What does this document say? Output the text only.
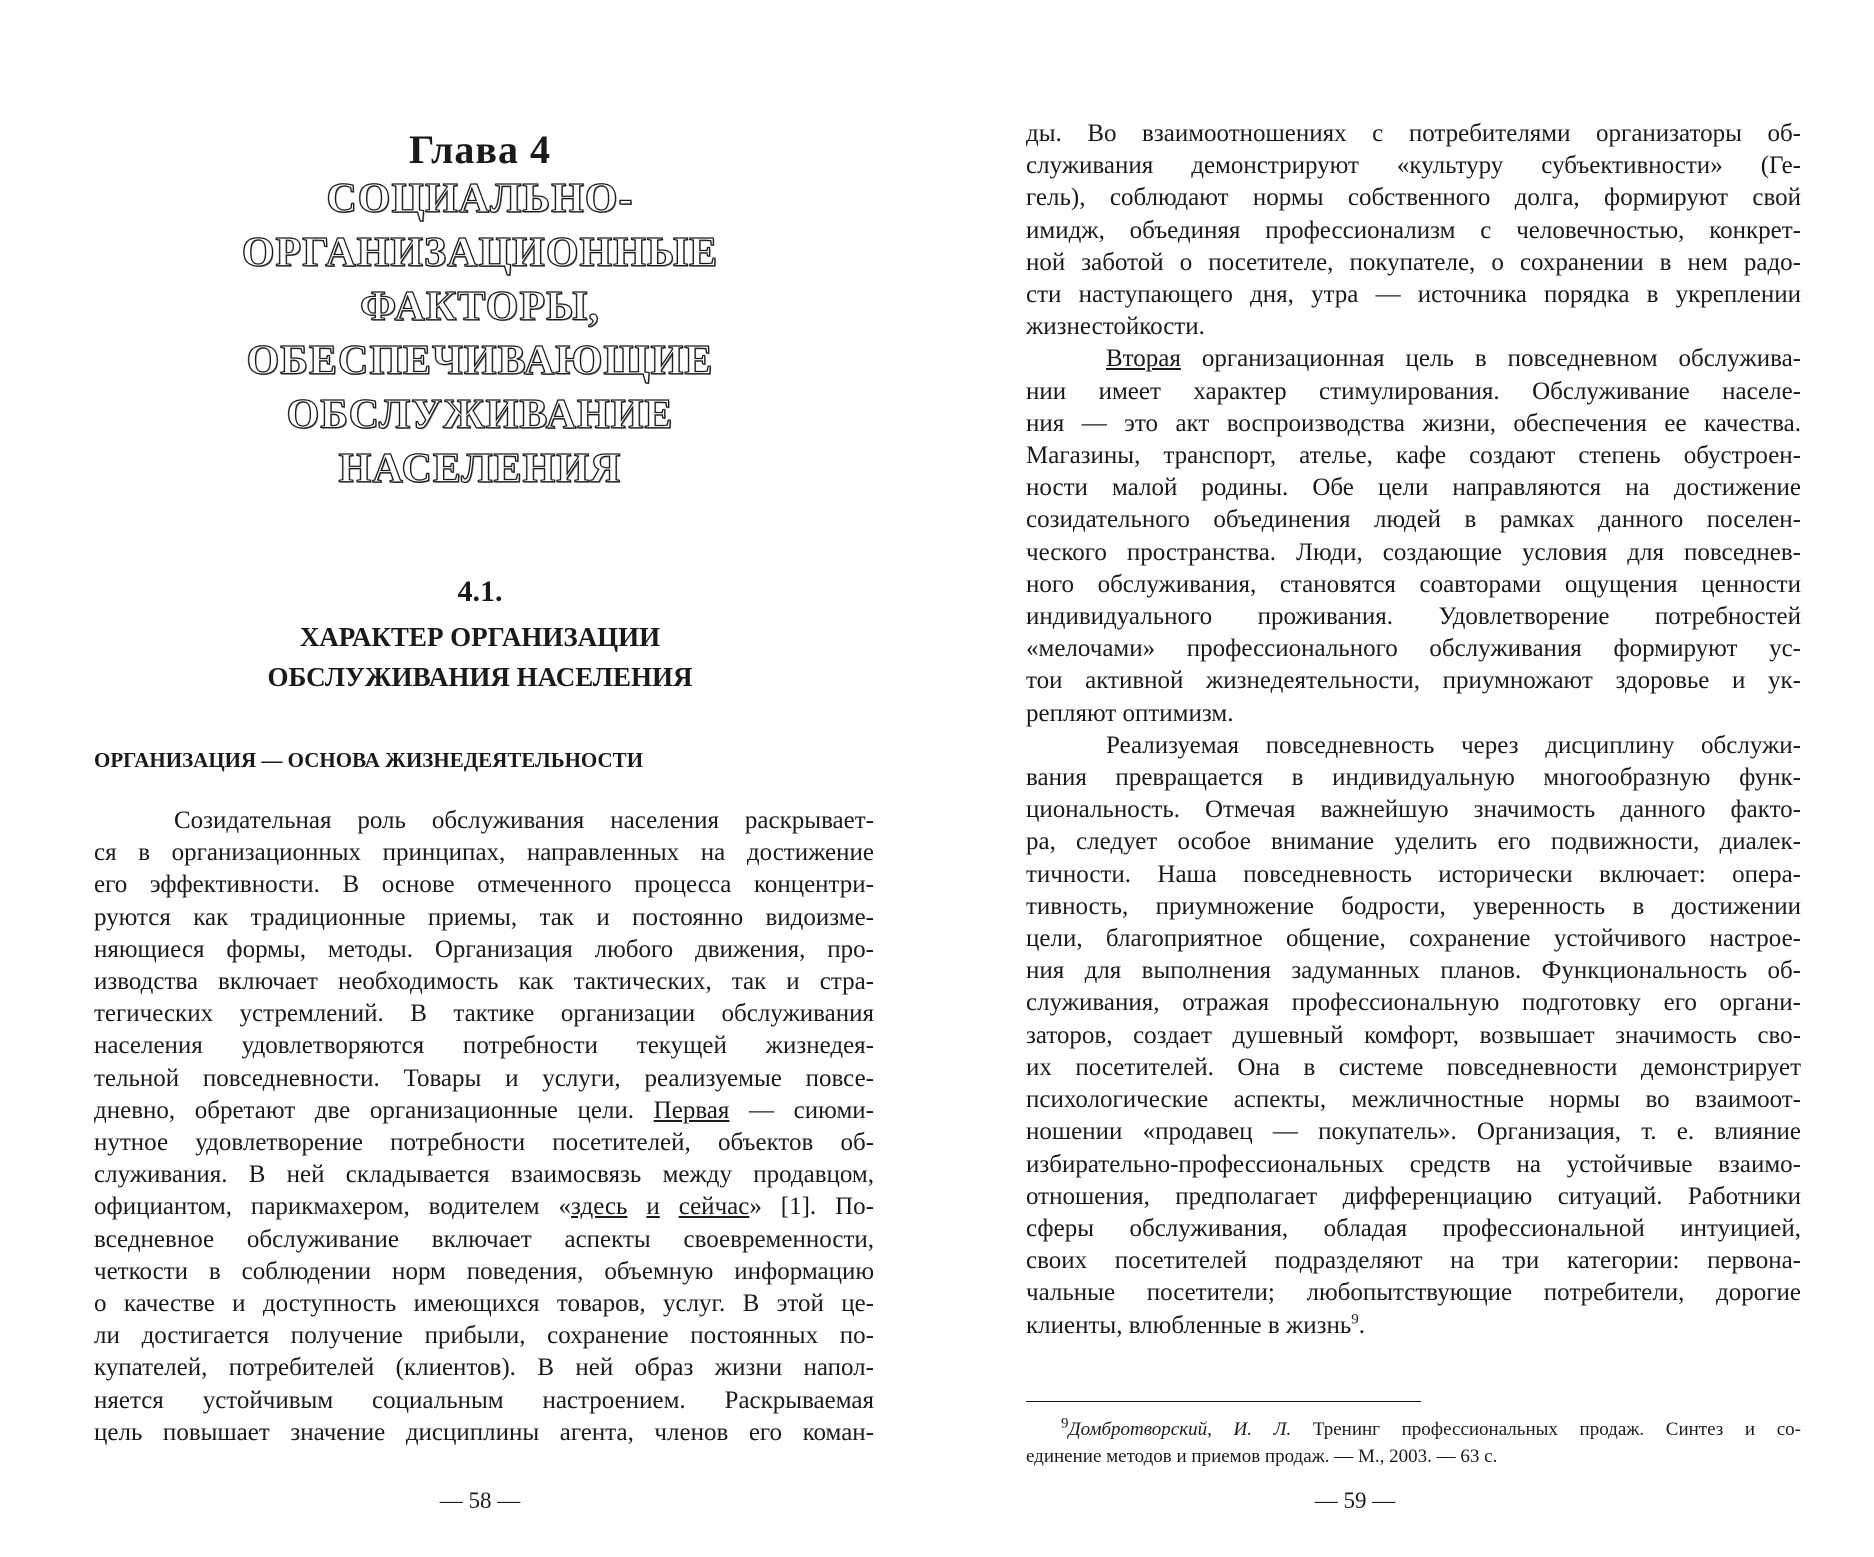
Глава 4
СОЦИАЛЬНО-
ОРГАНИЗАЦИОННЫЕ
ФАКТОРЫ,
ОБЕСПЕЧИВАЮЩИЕ
ОБСЛУЖИВАНИЕ
НАСЕЛЕНИЯ
4.1.
ХАРАКТЕР ОРГАНИЗАЦИИ
ОБСЛУЖИВАНИЯ НАСЕЛЕНИЯ
ОРГАНИЗАЦИЯ — ОСНОВА ЖИЗНЕДЕЯТЕЛЬНОСТИ
Созидательная роль обслуживания населения раскрывает-
ся в организационных принципах, направленных на достижение
его эффективности. В основе отмеченного процесса концентри-
руются как традиционные приемы, так и постоянно видоизме-
няющиеся формы, методы. Организация любого движения, про-
изводства включает необходимость как тактических, так и стра-
тегических устремлений. В тактике организации обслуживания
населения удовлетворяются потребности текущей жизнедея-
тельной повседневности. Товары и услуги, реализуемые повсе-
дневно, обретают две организационные цели. Первая — сиюми-
нутное удовлетворение потребности посетителей, объектов об-
служивания. В ней складывается взаимосвязь между продавцом,
официантом, парикмахером, водителем «здесь и сейчас» [1]. По-
вседневное обслуживание включает аспекты своевременности,
четкости в соблюдении норм поведения, объемную информацию
о качестве и доступность имеющихся товаров, услуг. В этой це-
ли достигается получение прибыли, сохранение постоянных по-
купателей, потребителей (клиентов). В ней образ жизни напол-
няется устойчивым социальным настроением. Раскрываемая
цель повышает значение дисциплины агента, членов его коман-
— 58 —
ды. Во взаимоотношениях с потребителями организаторы об-
служивания демонстрируют «культуру субъективности» (Ге-
гель), соблюдают нормы собственного долга, формируют свой
имидж, объединяя профессионализм с человечностью, конкрет-
ной заботой о посетителе, покупателе, о сохранении в нем радо-
сти наступающего дня, утра — источника порядка в укреплении
жизнестойкости.
Вторая организационная цель в повседневном обслужива-
нии имеет характер стимулирования. Обслуживание населе-
ния — это акт воспроизводства жизни, обеспечения ее качества.
Магазины, транспорт, ателье, кафе создают степень обустроен-
ности малой родины. Обе цели направляются на достижение
созидательного объединения людей в рамках данного поселен-
ческого пространства. Люди, создающие условия для повседнев-
ного обслуживания, становятся соавторами ощущения ценности
индивидуального проживания. Удовлетворение потребностей
«мелочами» профессионального обслуживания формируют ус-
тои активной жизнедеятельности, приумножают здоровье и ук-
репляют оптимизм.
Реализуемая повседневность через дисциплину обслужи-
вания превращается в индивидуальную многообразную функ-
циональность. Отмечая важнейшую значимость данного факто-
ра, следует особое внимание уделить его подвижности, диалек-
тичности. Наша повседневность исторически включает: опера-
тивность, приумножение бодрости, уверенность в достижении
цели, благоприятное общение, сохранение устойчивого настрое-
ния для выполнения задуманных планов. Функциональность об-
служивания, отражая профессиональную подготовку его органи-
заторов, создает душевный комфорт, возвышает значимость сво-
их посетителей. Она в системе повседневности демонстрирует
психологические аспекты, межличностные нормы во взаимоот-
ношении «продавец — покупатель». Организация, т. е. влияние
избирательно-профессиональных средств на устойчивые взаимо-
отношения, предполагает дифференциацию ситуаций. Работники
сферы обслуживания, обладая профессиональной интуицией,
своих посетителей подразделяют на три категории: первона-
чальные посетители; любопытствующие потребители, дорогие
клиенты, влюбленные в жизнь$^9$.
$^9$Домбротворский, И. Л. Тренинг профессиональных продаж. Синтез и со-
единение методов и приемов продаж. — М., 2003. — 63 с.
— 59 —
